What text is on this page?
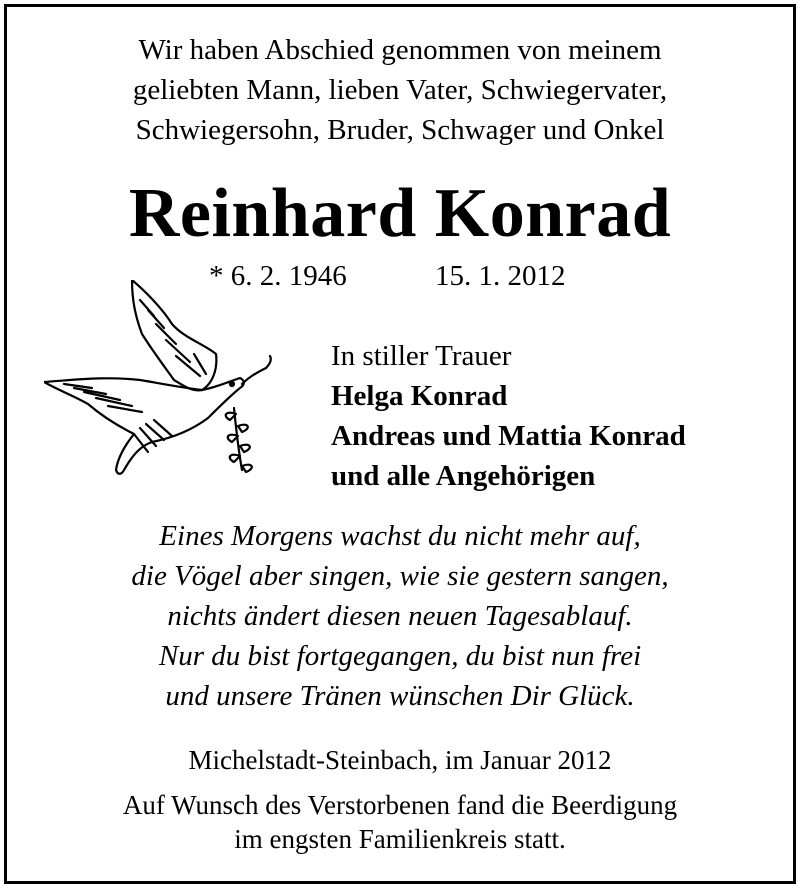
Wir haben Abschied genommen von meinem
geliebten Mann, lieben Vater, Schwiegervater,
Schwiegersohn, Bruder, Schwager und Onkel
Reinhard Konrad
* 6. 2. 1946	15. 1. 2012
In stiller Trauer
Helga Konrad
Andreas und Mattia Konrad
und alle Angehörigen
Eines Morgens wachst du nicht mehr auf,
die Vögel aber singen, wie sie gestern sangen,
nichts ändert diesen neuen Tagesablauf.
Nur du bist fortgegangen, du bist nun frei
und unsere Tränen wünschen Dir Glück.
Michelstadt-Steinbach, im Januar 2012
Auf Wunsch des Verstorbenen fand die Beerdigung
im engsten Familienkreis statt.
